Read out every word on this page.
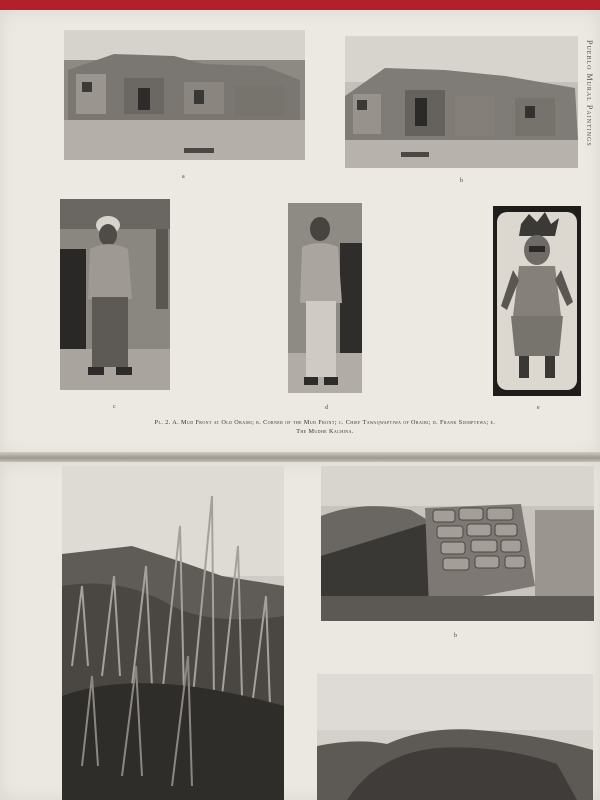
Pueblo Mural Paintings
a
b
c	d	e
Pl. 2. A. Mud Front at Old Oraibi; b. Corner of the Mud Front; c. Chief Tawaqwaptiwa of Oraibi; d. Frank Siemptewa; e. The Mudhe Kachina.
b
